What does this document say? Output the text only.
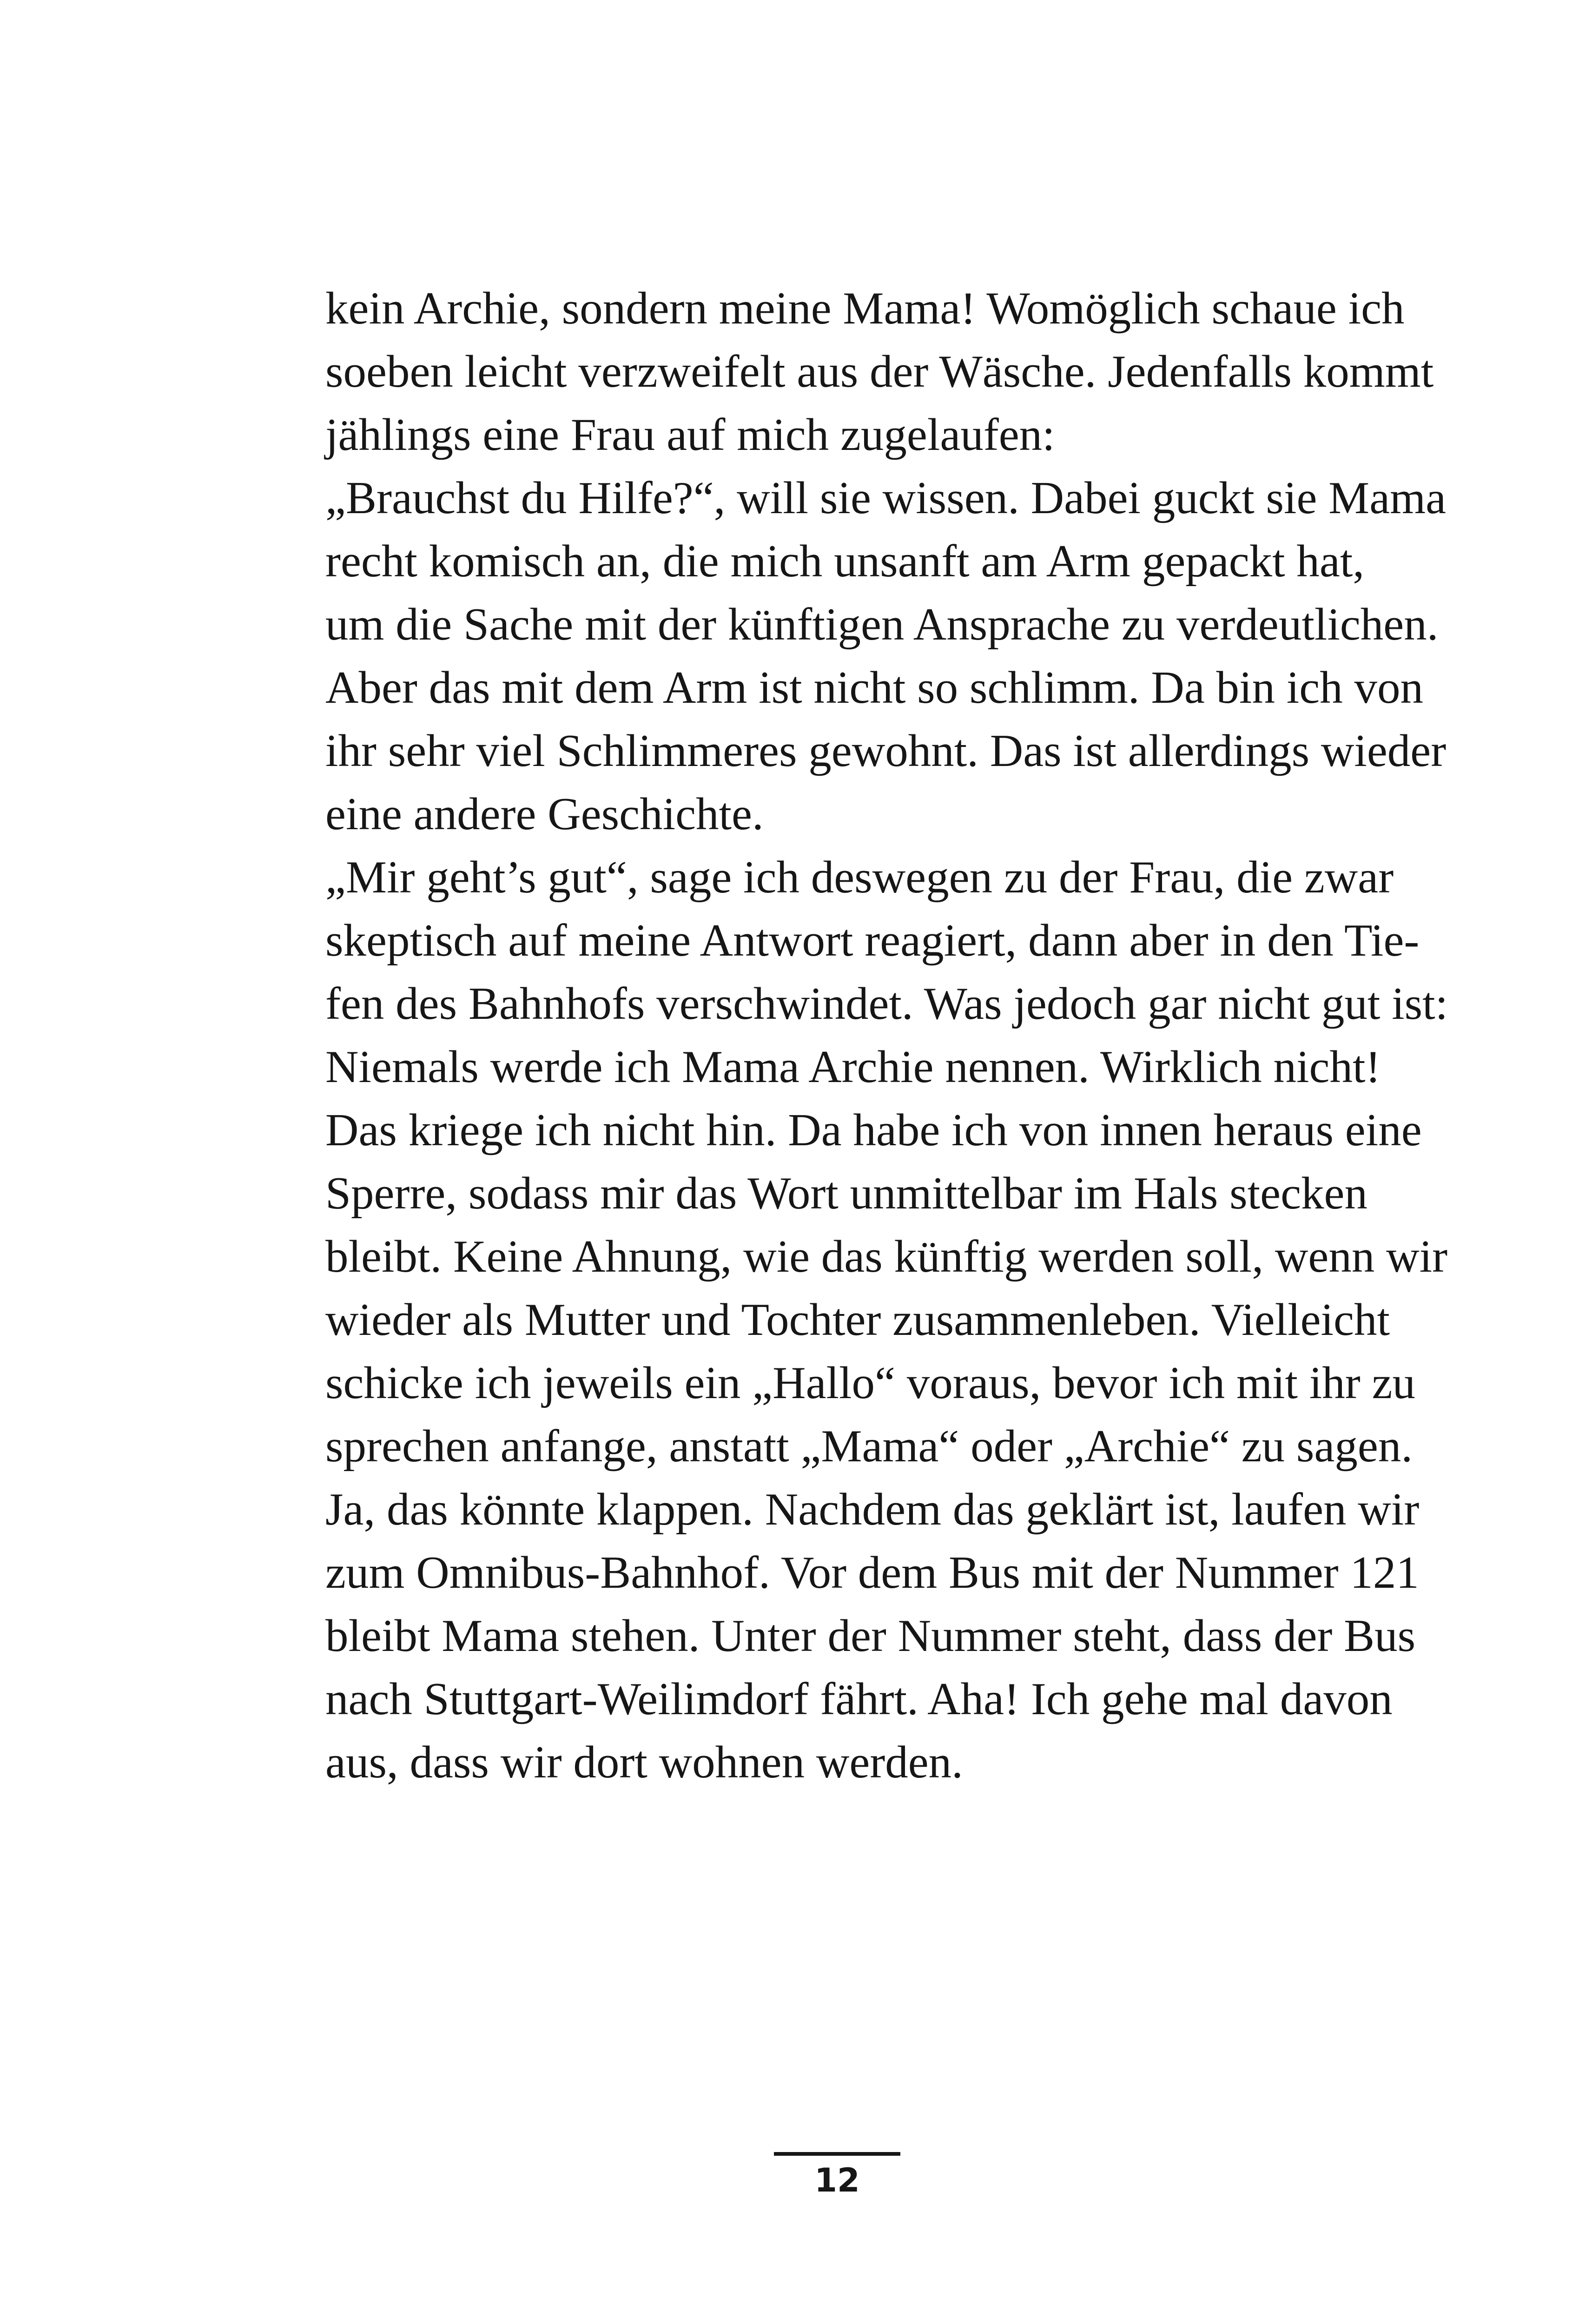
kein Archie, sondern meine Mama! Womöglich schaue ich
soeben leicht verzweifelt aus der Wäsche. Jedenfalls kommt
jählings eine Frau auf mich zugelaufen:
„Brauchst du Hilfe?“, will sie wissen. Dabei guckt sie Mama
recht komisch an, die mich unsanft am Arm gepackt hat,
um die Sache mit der künftigen Ansprache zu verdeutlichen.
Aber das mit dem Arm ist nicht so schlimm. Da bin ich von
ihr sehr viel Schlimmeres gewohnt. Das ist allerdings wieder
eine andere Geschichte.
„Mir geht’s gut“, sage ich deswegen zu der Frau, die zwar
skeptisch auf meine Antwort reagiert, dann aber in den Tie-
fen des Bahnhofs verschwindet. Was jedoch gar nicht gut ist:
Niemals werde ich Mama Archie nennen. Wirklich nicht!
Das kriege ich nicht hin. Da habe ich von innen heraus eine
Sperre, sodass mir das Wort unmittelbar im Hals stecken
bleibt. Keine Ahnung, wie das künftig werden soll, wenn wir
wieder als Mutter und Tochter zusammenleben. Vielleicht
schicke ich jeweils ein „Hallo“ voraus, bevor ich mit ihr zu
sprechen anfange, anstatt „Mama“ oder „Archie“ zu sagen.
Ja, das könnte klappen. Nachdem das geklärt ist, laufen wir
zum Omnibus-Bahnhof. Vor dem Bus mit der Nummer 121
bleibt Mama stehen. Unter der Nummer steht, dass der Bus
nach Stuttgart-Weilimdorf fährt. Aha! Ich gehe mal davon
aus, dass wir dort wohnen werden.
12
